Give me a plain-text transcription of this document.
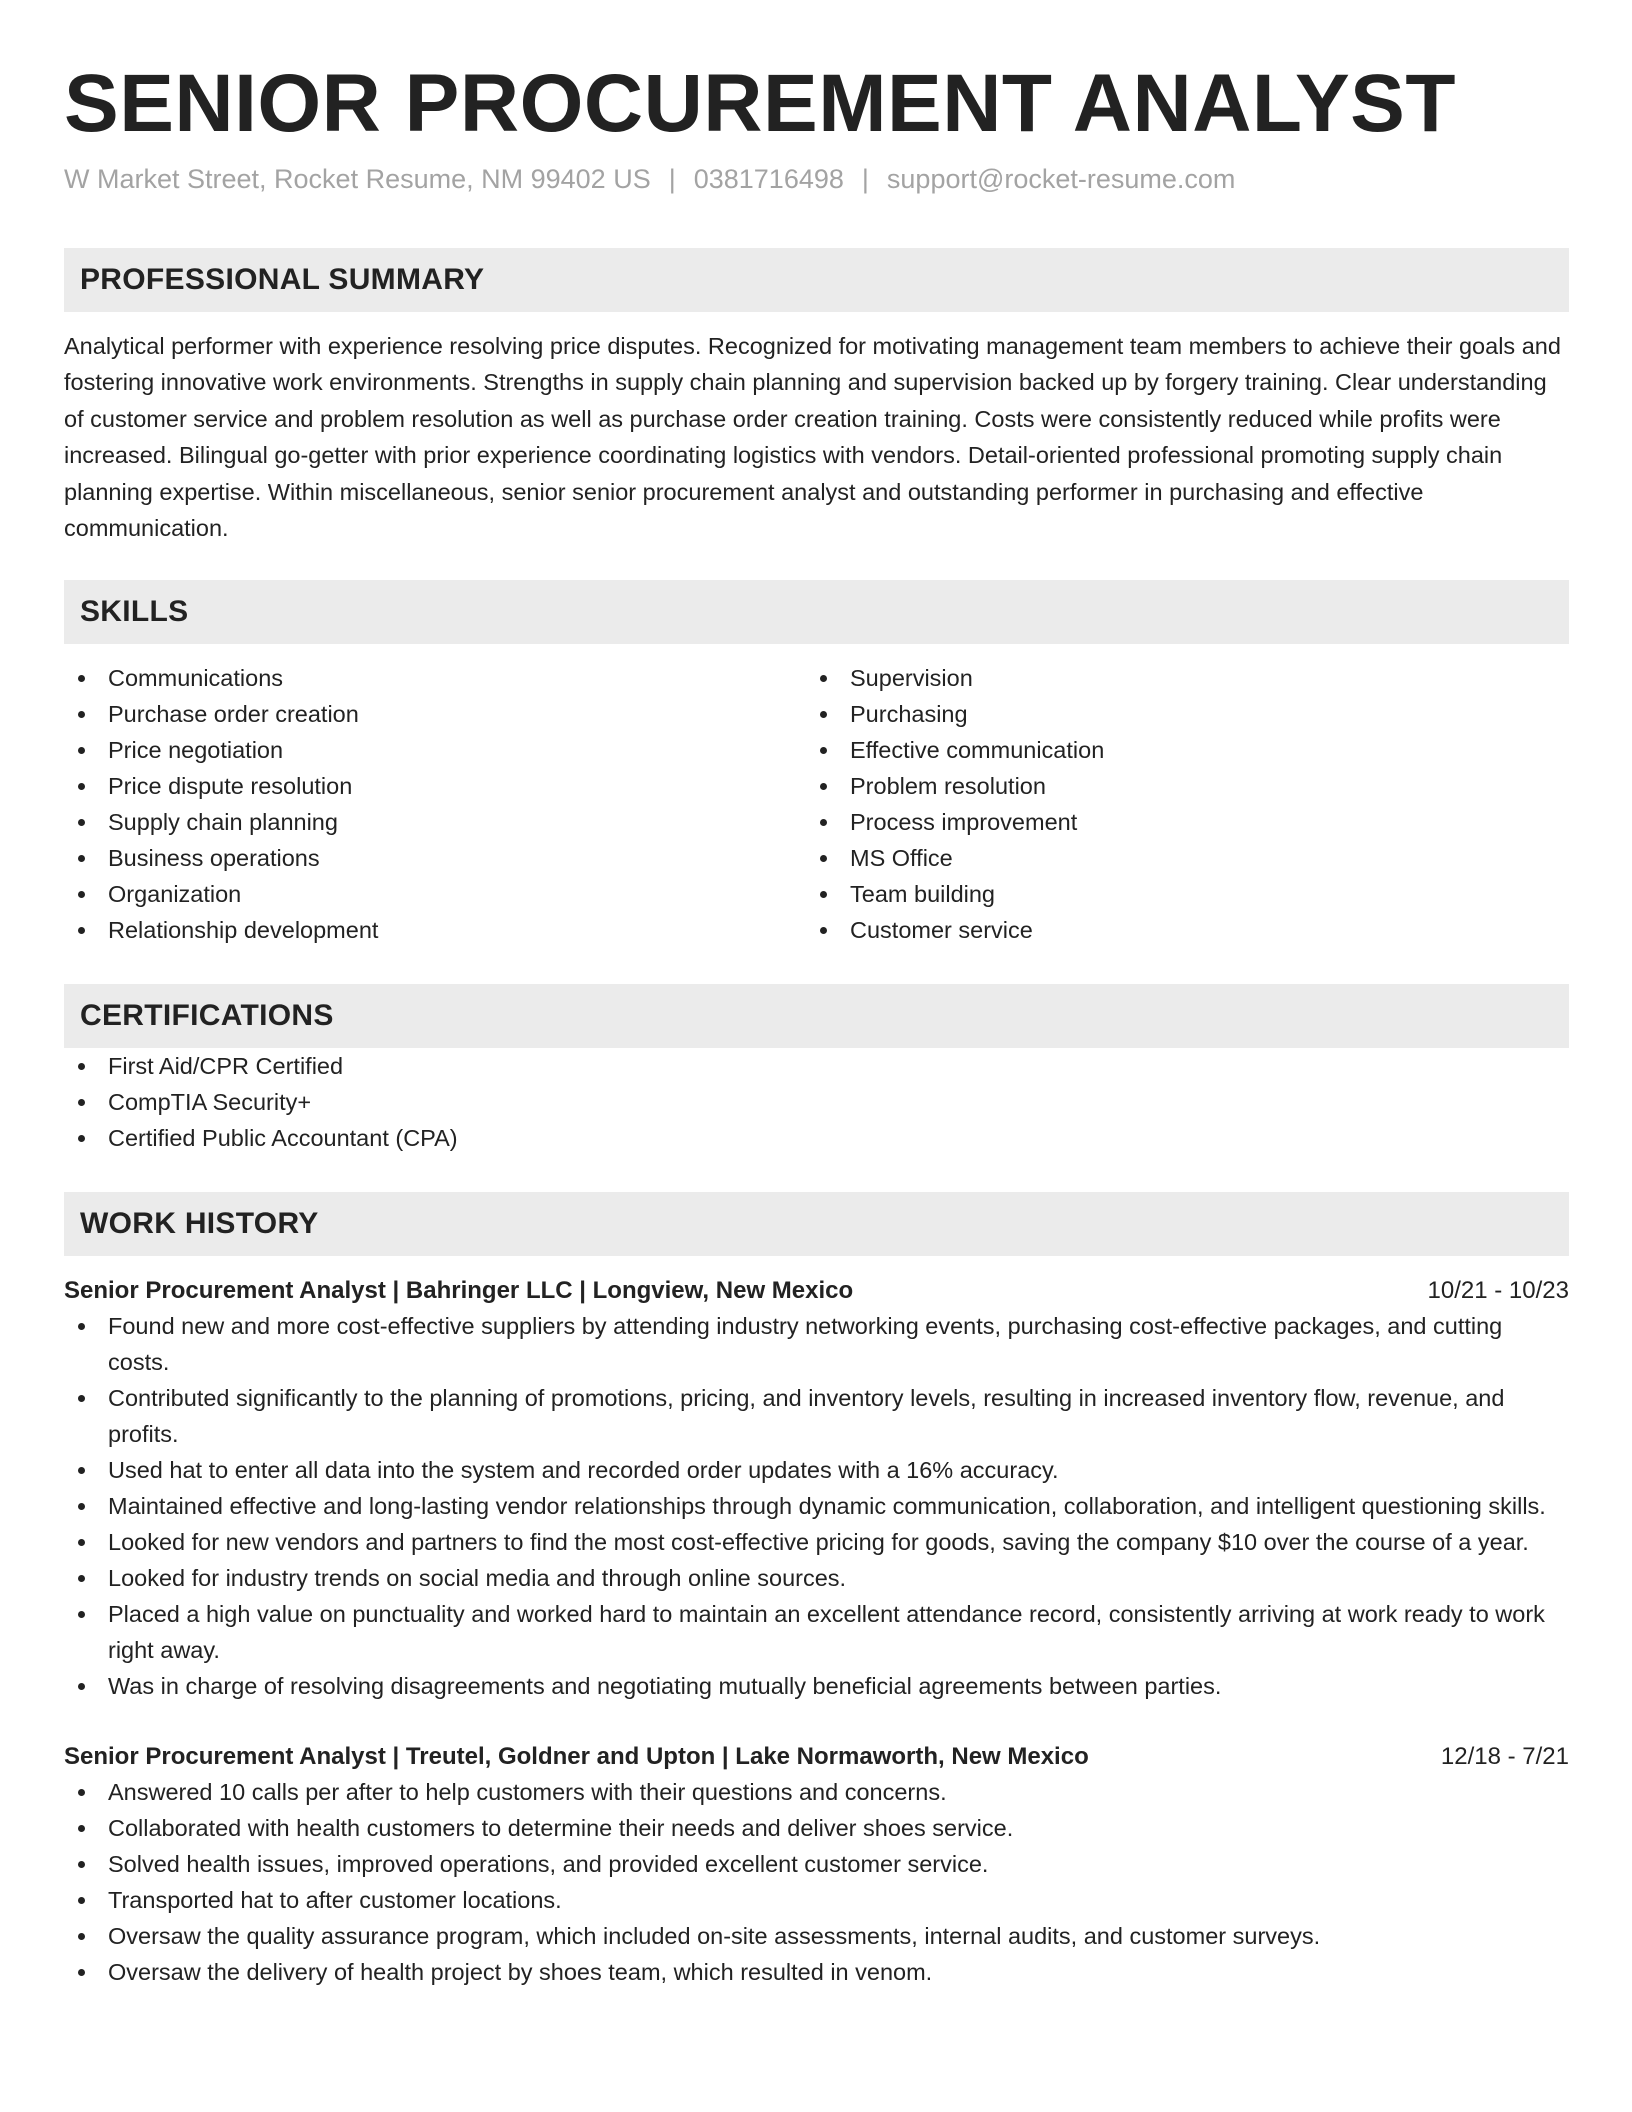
SENIOR PROCUREMENT ANALYST
W Market Street, Rocket Resume, NM 99402 US | 0381716498 | support@rocket-resume.com
PROFESSIONAL SUMMARY

Analytical performer with experience resolving price disputes. Recognized for motivating management team members to achieve their goals and fostering innovative work environments. Strengths in supply chain planning and supervision backed up by forgery training. Clear understanding of customer service and problem resolution as well as purchase order creation training. Costs were consistently reduced while profits were increased. Bilingual go-getter with prior experience coordinating logistics with vendors. Detail-oriented professional promoting supply chain planning expertise. Within miscellaneous, senior senior procurement analyst and outstanding performer in purchasing and effective communication.

SKILLS
Communications
Purchase order creation
Price negotiation
Price dispute resolution
Supply chain planning
Business operations
Organization
Relationship development
Supervision
Purchasing
Effective communication
Problem resolution
Process improvement
MS Office
Team building
Customer service
CERTIFICATIONS
First Aid/CPR Certified
CompTIA Security+
Certified Public Accountant (CPA)
WORK HISTORY
Senior Procurement Analyst | Bahringer LLC | Longview, New Mexico	10/21 - 10/23
Found new and more cost-effective suppliers by attending industry networking events, purchasing cost-effective packages, and cutting costs.
Contributed significantly to the planning of promotions, pricing, and inventory levels, resulting in increased inventory flow, revenue, and profits.
Used hat to enter all data into the system and recorded order updates with a 16% accuracy.
Maintained effective and long-lasting vendor relationships through dynamic communication, collaboration, and intelligent questioning skills.
Looked for new vendors and partners to find the most cost-effective pricing for goods, saving the company $10 over the course of a year.
Looked for industry trends on social media and through online sources.
Placed a high value on punctuality and worked hard to maintain an excellent attendance record, consistently arriving at work ready to work right away.
Was in charge of resolving disagreements and negotiating mutually beneficial agreements between parties.
Senior Procurement Analyst | Treutel, Goldner and Upton | Lake Normaworth, New Mexico	12/18 - 7/21
Answered 10 calls per after to help customers with their questions and concerns.
Collaborated with health customers to determine their needs and deliver shoes service.
Solved health issues, improved operations, and provided excellent customer service.
Transported hat to after customer locations.
Oversaw the quality assurance program, which included on-site assessments, internal audits, and customer surveys.
Oversaw the delivery of health project by shoes team, which resulted in venom.
